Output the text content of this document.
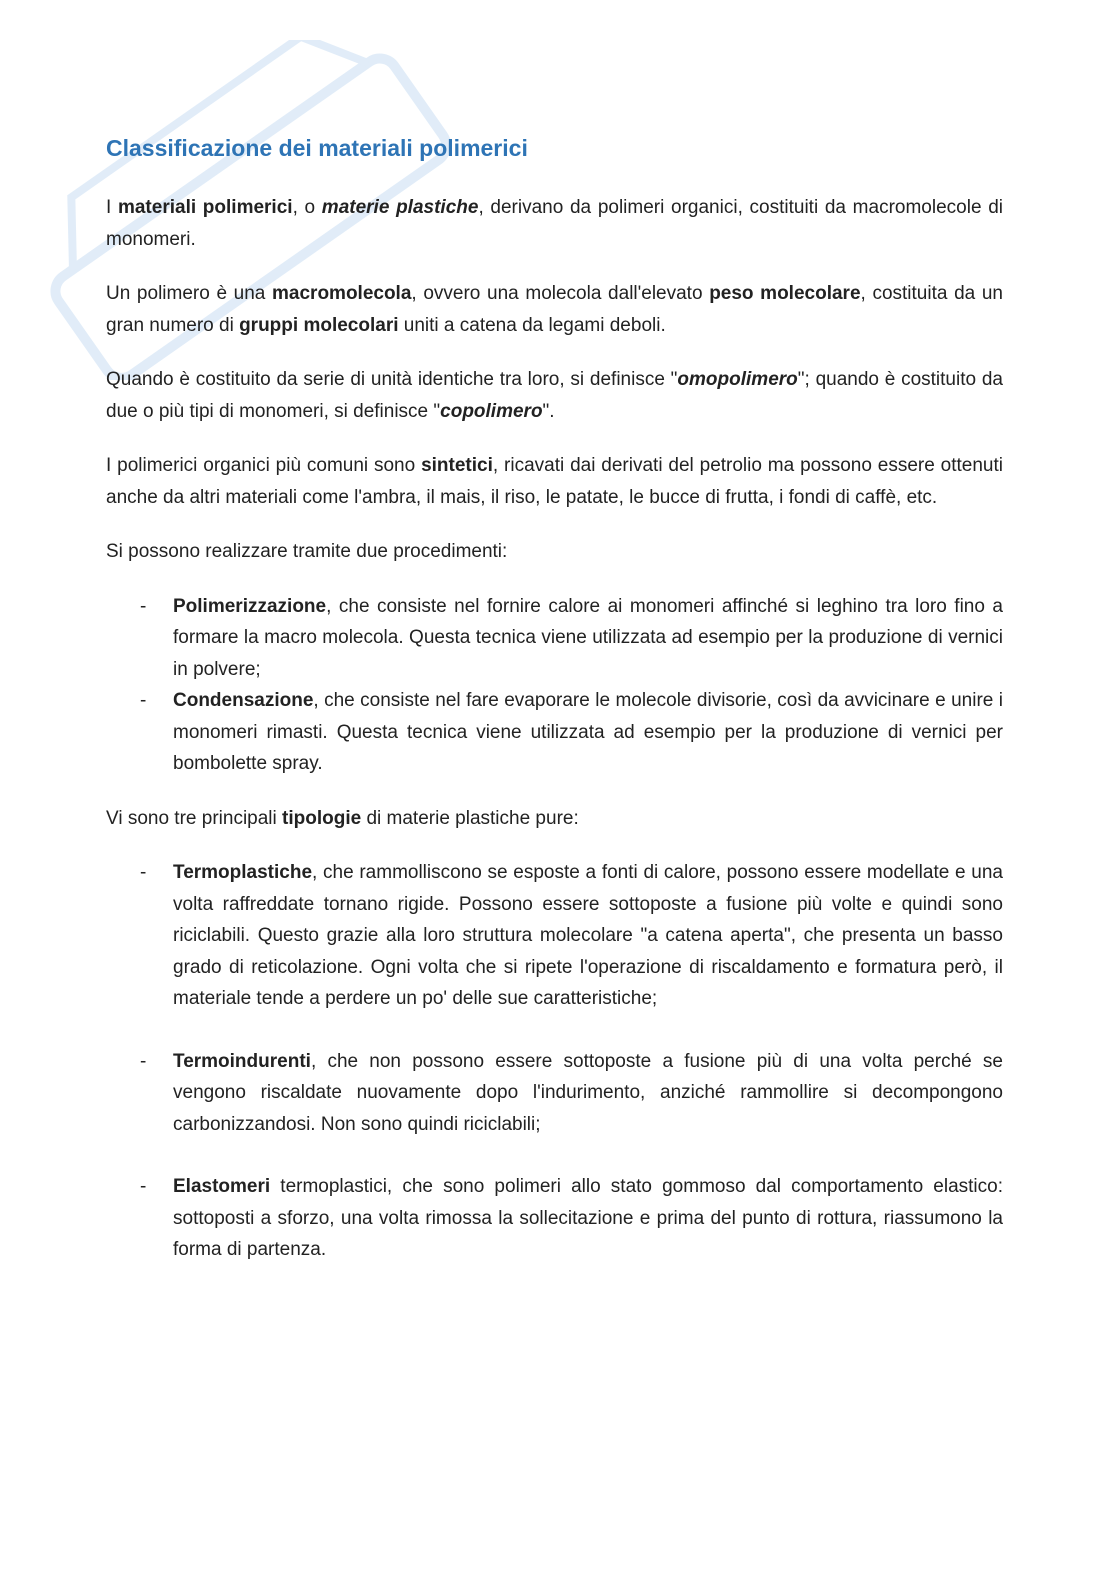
Classificazione dei materiali polimerici

I materiali polimerici, o materie plastiche, derivano da polimeri organici, costituiti da macromolecole di monomeri.

Un polimero è una macromolecola, ovvero una molecola dall'elevato peso molecolare, costituita da un gran numero di gruppi molecolari uniti a catena da legami deboli.

Quando è costituito da serie di unità identiche tra loro, si definisce "omopolimero"; quando è costituito da due o più tipi di monomeri, si definisce "copolimero".

I polimerici organici più comuni sono sintetici, ricavati dai derivati del petrolio ma possono essere ottenuti anche da altri materiali come l'ambra, il mais, il riso, le patate, le bucce di frutta, i fondi di caffè, etc.

Si possono realizzare tramite due procedimenti:

- Polimerizzazione, che consiste nel fornire calore ai monomeri affinché si leghino tra loro fino a formare la macro molecola. Questa tecnica viene utilizzata ad esempio per la produzione di vernici in polvere;
- Condensazione, che consiste nel fare evaporare le molecole divisorie, così da avvicinare e unire i monomeri rimasti. Questa tecnica viene utilizzata ad esempio per la produzione di vernici per bombolette spray.

Vi sono tre principali tipologie di materie plastiche pure:

- Termoplastiche, che rammolliscono se esposte a fonti di calore, possono essere modellate e una volta raffreddate tornano rigide. Possono essere sottoposte a fusione più volte e quindi sono riciclabili. Questo grazie alla loro struttura molecolare "a catena aperta", che presenta un basso grado di reticolazione. Ogni volta che si ripete l'operazione di riscaldamento e formatura però, il materiale tende a perdere un po' delle sue caratteristiche;
- Termoindurenti, che non possono essere sottoposte a fusione più di una volta perché se vengono riscaldate nuovamente dopo l'indurimento, anziché rammollire si decompongono carbonizzandosi. Non sono quindi riciclabili;
- Elastomeri termoplastici, che sono polimeri allo stato gommoso dal comportamento elastico: sottoposti a sforzo, una volta rimossa la sollecitazione e prima del punto di rottura, riassumono la forma di partenza.
